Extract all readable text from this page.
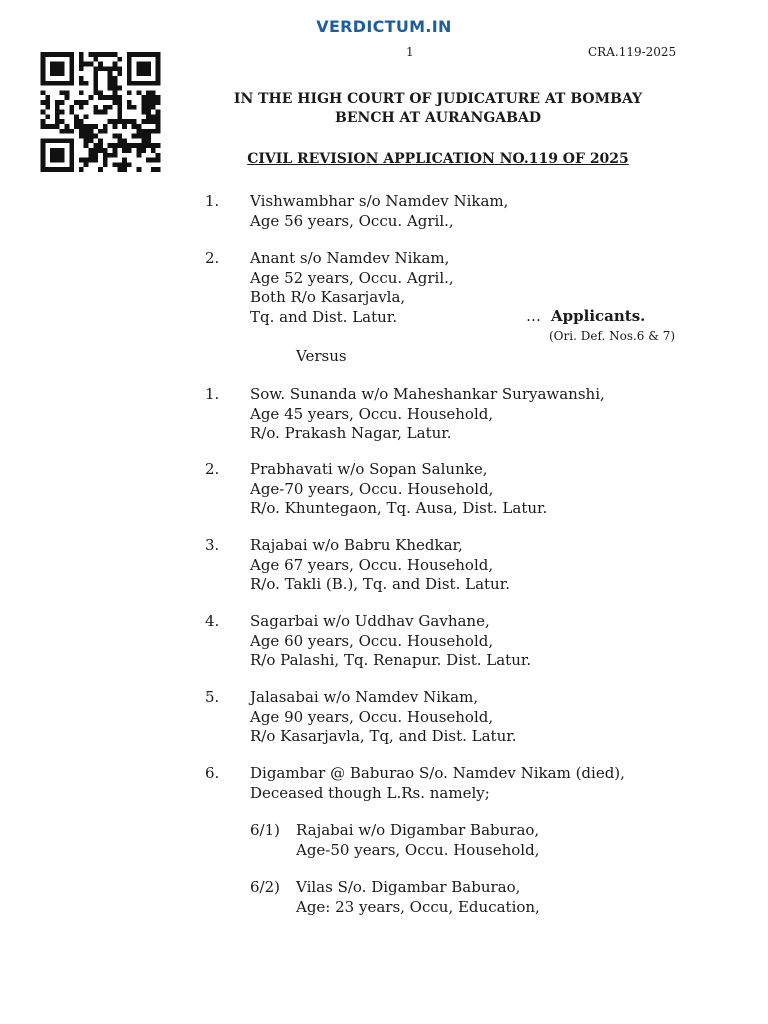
VERDICTUM.IN
1	CRA.119-2025
IN THE HIGH COURT OF JUDICATURE AT BOMBAY
BENCH AT AURANGABAD
CIVIL REVISION APPLICATION NO.119 OF 2025
1. Vishwambhar s/o Namdev Nikam,
Age 56 years, Occu. Agril.,
2. Anant s/o Namdev Nikam,
Age 52 years, Occu. Agril.,
Both R/o Kasarjavla,
Tq. and Dist. Latur.
1. Sow. Sunanda w/o Maheshankar Suryawanshi,
Age 45 years, Occu. Household,
R/o. Prakash Nagar, Latur.
2. Prabhavati w/o Sopan Salunke,
Age-70 years, Occu. Household,
R/o. Khuntegaon, Tq. Ausa, Dist. Latur.
3. Rajabai w/o Babru Khedkar,
Age 67 years, Occu. Household,
R/o. Takli (B.), Tq. and Dist. Latur.
4. Sagarbai w/o Uddhav Gavhane,
Age 60 years, Occu. Household,
R/o Palashi, Tq. Renapur. Dist. Latur.
5. Jalasabai w/o Namdev Nikam,
Age 90 years, Occu. Household,
R/o Kasarjavla, Tq, and Dist. Latur.
6. Digambar @ Baburao S/o. Namdev Nikam (died),
Deceased though L.Rs. namely;
6/1) Rajabai w/o Digambar Baburao,
Age-50 years, Occu. Household,
6/2) Vilas S/o. Digambar Baburao,
Age: 23 years, Occu, Education,
… Applicants.
(Ori. Def. Nos.6 & 7)
Versus
